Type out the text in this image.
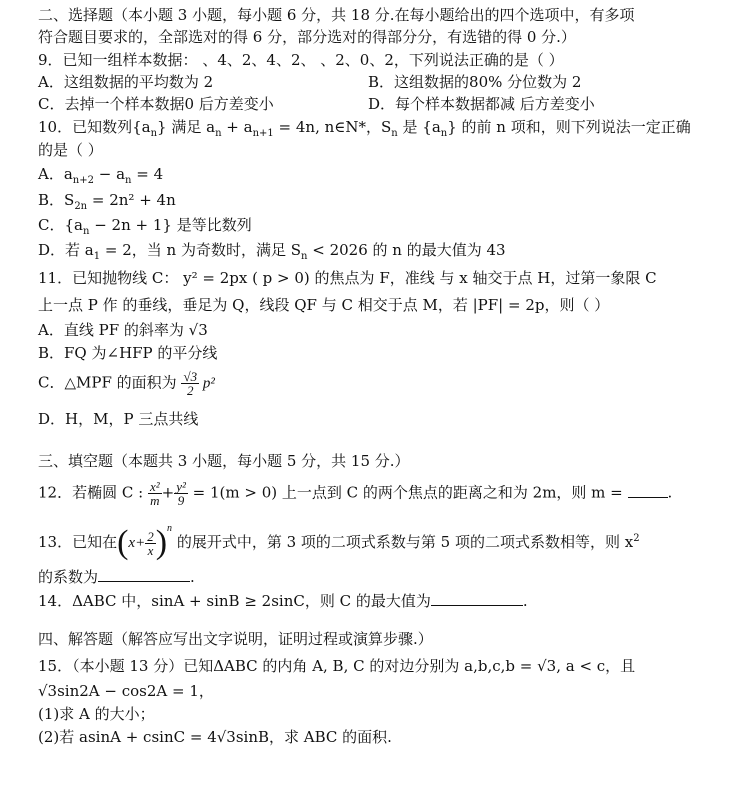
二、选择题（本小题 3 小题，每小题 6 分，共 18 分.在每小题给出的四个选项中，有多项
符合题目要求的，全部选对的得 6 分，部分选对的得部分分，有选错的得 0 分.）
9．已知一组样本数据： 、4、2、4、2、 、2、0、2，下列说法正确的是（ ）
A．这组数据的平均数为 2	B．这组数据的80% 分位数为 2
C．去掉一个样本数据0 后方差变小	D．每个样本数据都减 后方差变小
10．已知数列$\{a_n\}$ 满足 $a_n + a_{n+1} = 4n$, n∈N*，$S_n$ 是 $\{a_n\}$ 的前 n 项和，则下列说法一定正确
的是（ ）
A．$a_{n+2} - a_n = 4$
B．$S_{2n} = 2n^2 + 4n$
C．$\{a_n - 2n + 1\}$ 是等比数列
D．若 $a_1 = 2$，当 n 为奇数时，满足 $S_n < 2026$ 的 n 的最大值为 43
11．已知抛物线 C： y² = 2px ( p > 0) 的焦点为 F，准线 与 x 轴交于点 H，过第一象限 C
上一点 P 作 的垂线，垂足为 Q，线段 QF 与 C 相交于点 M，若 |PF| = 2p，则（ ）
A．直线 PF 的斜率为 √3
B．FQ 为∠HFP 的平分线
C．△MPF 的面积为 $\frac{√3}{2} p^2$
D．H，M，P 三点共线
三、填空题（本题共 3 小题，每小题 5 分，共 15 分.）
12．若椭圆 C : $\frac{\text{x²}}{m} + \frac{\text{y²}}{9} = 1(m > 0)$ 上一点到 C 的两个焦点的距离之和为 2m，则 m =	.
13．已知在$(x+ \frac{2}{x} )^n$ 的展开式中，第 3 项的二项式系数与第 5 项的二项式系数相等，则 $x^2$
的系数为	.
14．ΔABC 中，sinA + sinB ≥ 2sinC，则 C 的最大值为	.
四、解答题（解答应写出文字说明，证明过程或演算步骤.）
15．（本小题 13 分）已知ΔABC 的内角 A, B, C 的对边分别为 a,b,c,b = √3, a < c，且
√3sin2A − cos2A = 1，
(1)求 A 的大小；
(2)若 asinA + csinC = 4√3sinB，求 ABC 的面积.
